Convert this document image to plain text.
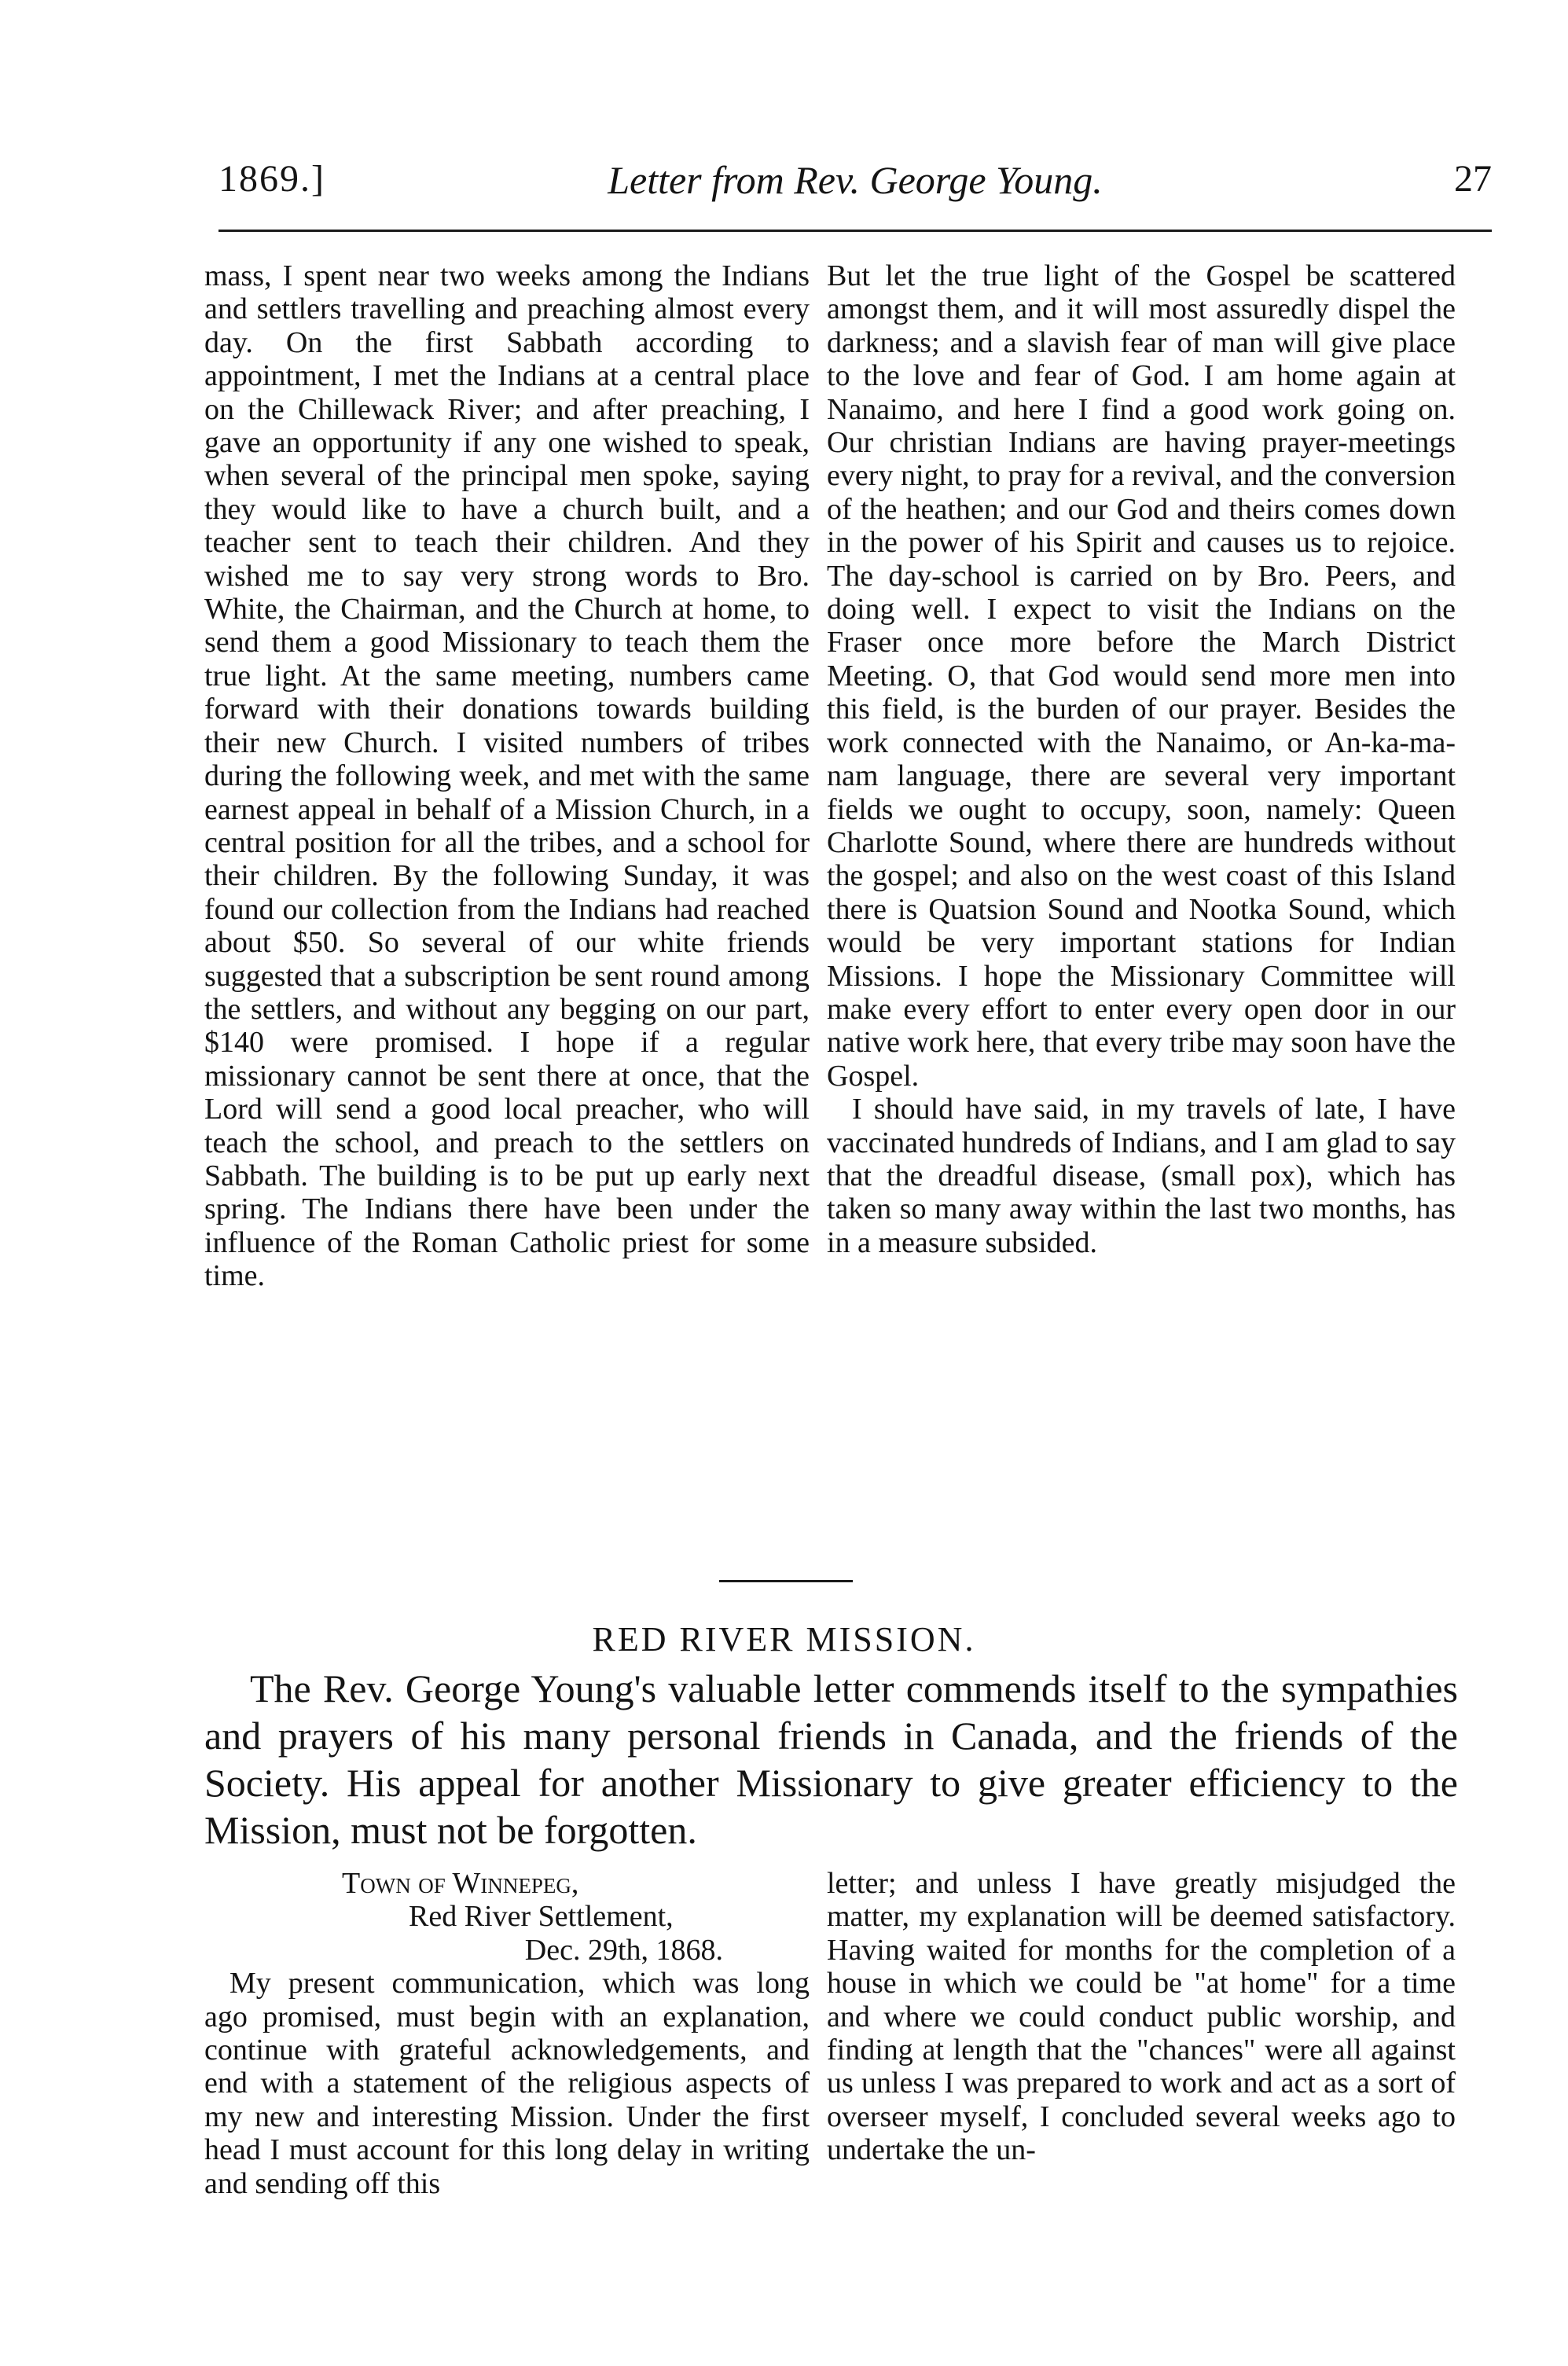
1869.]	Letter from Rev. George Young.	27

mass, I spent near two weeks among the Indians and settlers travelling and preaching almost every day. On the first Sabbath according to appointment, I met the Indians at a central place on the Chillewack River; and after preaching, I gave an opportunity if any one wished to speak, when several of the principal men spoke, saying they would like to have a church built, and a teacher sent to teach their children. And they wished me to say very strong words to Bro. White, the Chairman, and the Church at home, to send them a good Missionary to teach them the true light. At the same meeting, numbers came forward with their donations towards building their new Church. I visited numbers of tribes during the following week, and met with the same earnest appeal in behalf of a Mission Church, in a central position for all the tribes, and a school for their children. By the following Sunday, it was found our collection from the Indians had reached about $50. So several of our white friends suggested that a subscription be sent round among the settlers, and without any begging on our part, $140 were promised. I hope if a regular missionary cannot be sent there at once, that the Lord will send a good local preacher, who will teach the school, and preach to the settlers on Sabbath. The building is to be put up early next spring. The Indians there have been under the influence of the Roman Catholic priest for some time.

But let the true light of the Gospel be scattered amongst them, and it will most assuredly dispel the darkness; and a slavish fear of man will give place to the love and fear of God. I am home again at Nanaimo, and here I find a good work going on. Our christian Indians are having prayer-meetings every night, to pray for a revival, and the conversion of the heathen; and our God and theirs comes down in the power of his Spirit and causes us to rejoice. The day-school is carried on by Bro. Peers, and doing well. I expect to visit the Indians on the Fraser once more before the March District Meeting. O, that God would send more men into this field, is the burden of our prayer. Besides the work connected with the Nanaimo, or An-ka-ma-nam language, there are several very important fields we ought to occupy, soon, namely: Queen Charlotte Sound, where there are hundreds without the gospel; and also on the west coast of this Island there is Quatsion Sound and Nootka Sound, which would be very important stations for Indian Missions. I hope the Missionary Committee will make every effort to enter every open door in our native work here, that every tribe may soon have the Gospel.

I should have said, in my travels of late, I have vaccinated hundreds of Indians, and I am glad to say that the dreadful disease, (small pox), which has taken so many away within the last two months, has in a measure subsided.

RED RIVER MISSION.

The Rev. George Young's valuable letter commends itself to the sympathies and prayers of his many personal friends in Canada, and the friends of the Society. His appeal for another Missionary to give greater efficiency to the Mission, must not be forgotten.

Town of Winnepeg,
Red River Settlement,
Dec. 29th, 1868.

My present communication, which was long ago promised, must begin with an explanation, continue with grateful acknowledgements, and end with a statement of the religious aspects of my new and interesting Mission. Under the first head I must account for this long delay in writing and sending off this

letter; and unless I have greatly misjudged the matter, my explanation will be deemed satisfactory. Having waited for months for the completion of a house in which we could be "at home" for a time and where we could conduct public worship, and finding at length that the "chances" were all against us unless I was prepared to work and act as a sort of overseer myself, I concluded several weeks ago to undertake the un-
